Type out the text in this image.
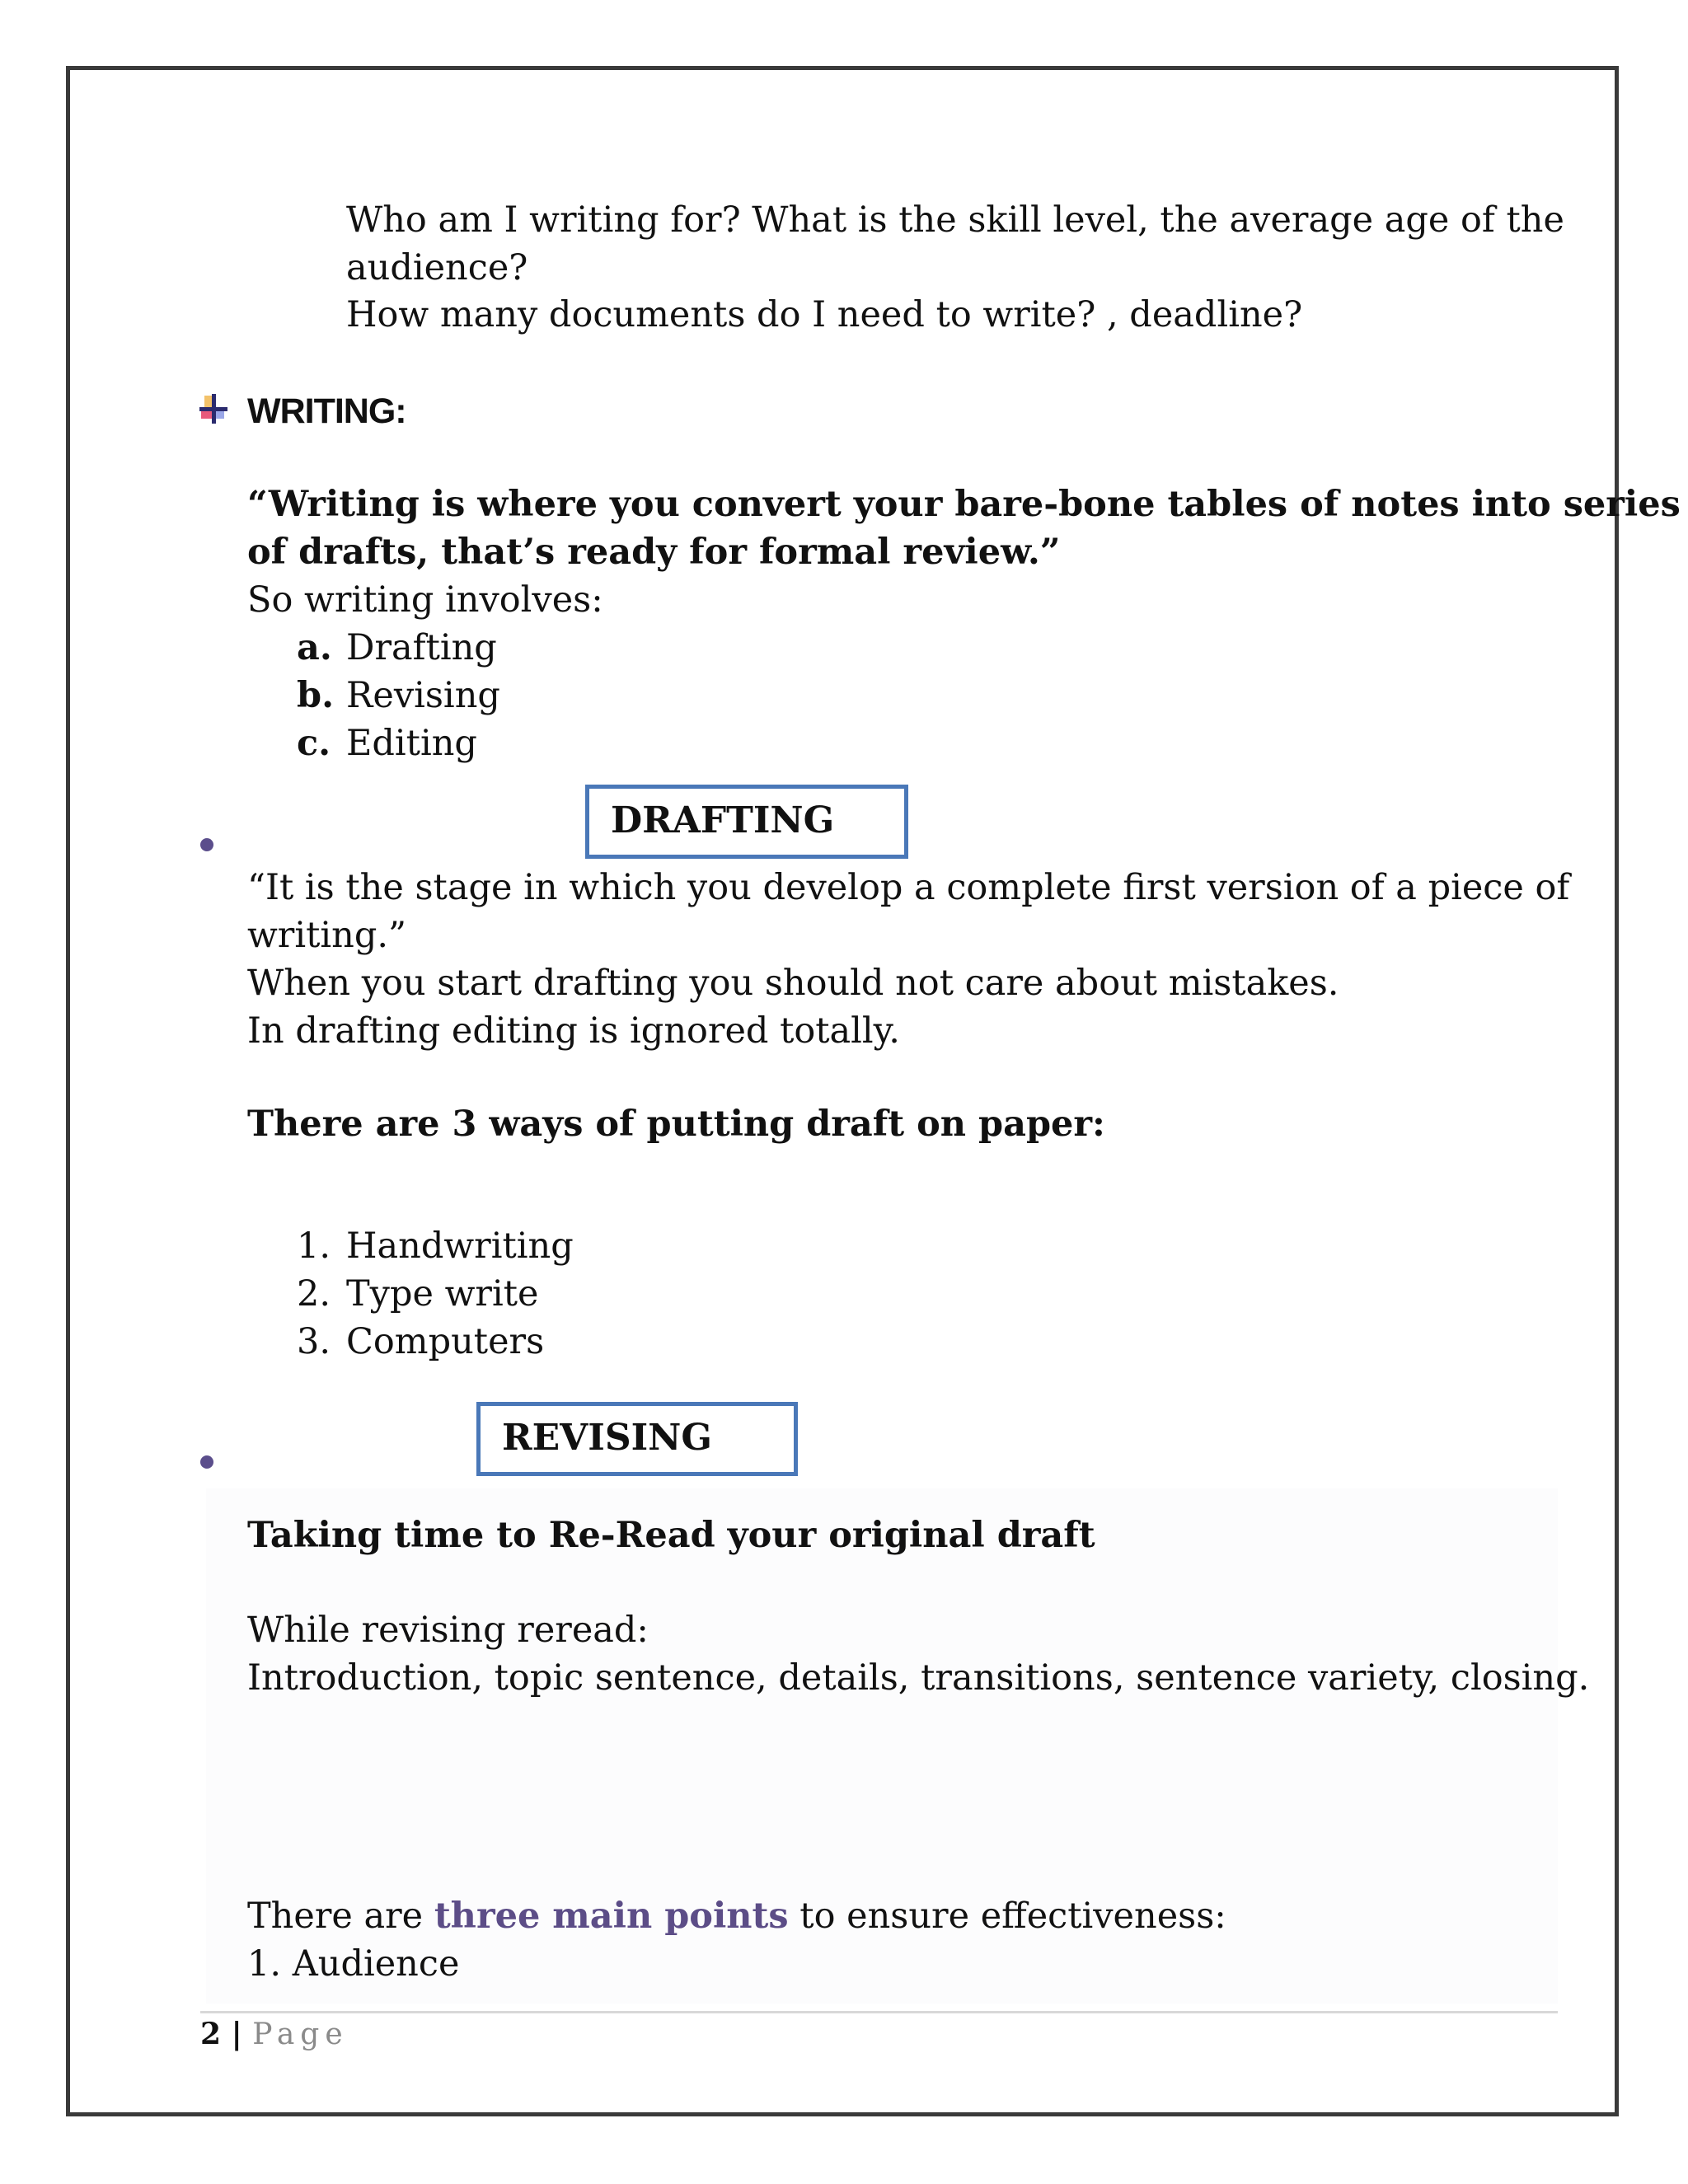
Who am I writing for? What is the skill level, the average age of the
audience?
How many documents do I need to write? , deadline?
WRITING:
“Writing is where you convert your bare-bone tables of notes into series
of drafts, that’s ready for formal review.”
So writing involves:
a. Drafting
b. Revising
c. Editing
DRAFTING
“It is the stage in which you develop a complete first version of a piece of
writing.”
When you start drafting you should not care about mistakes.
In drafting editing is ignored totally.
There are 3 ways of putting draft on paper:
1. Handwriting
2. Type write
3. Computers
REVISING
Taking time to Re-Read your original draft
While revising reread:
Introduction, topic sentence, details, transitions, sentence variety, closing.
There are three main points to ensure effectiveness:
1. Audience
2 | Page
